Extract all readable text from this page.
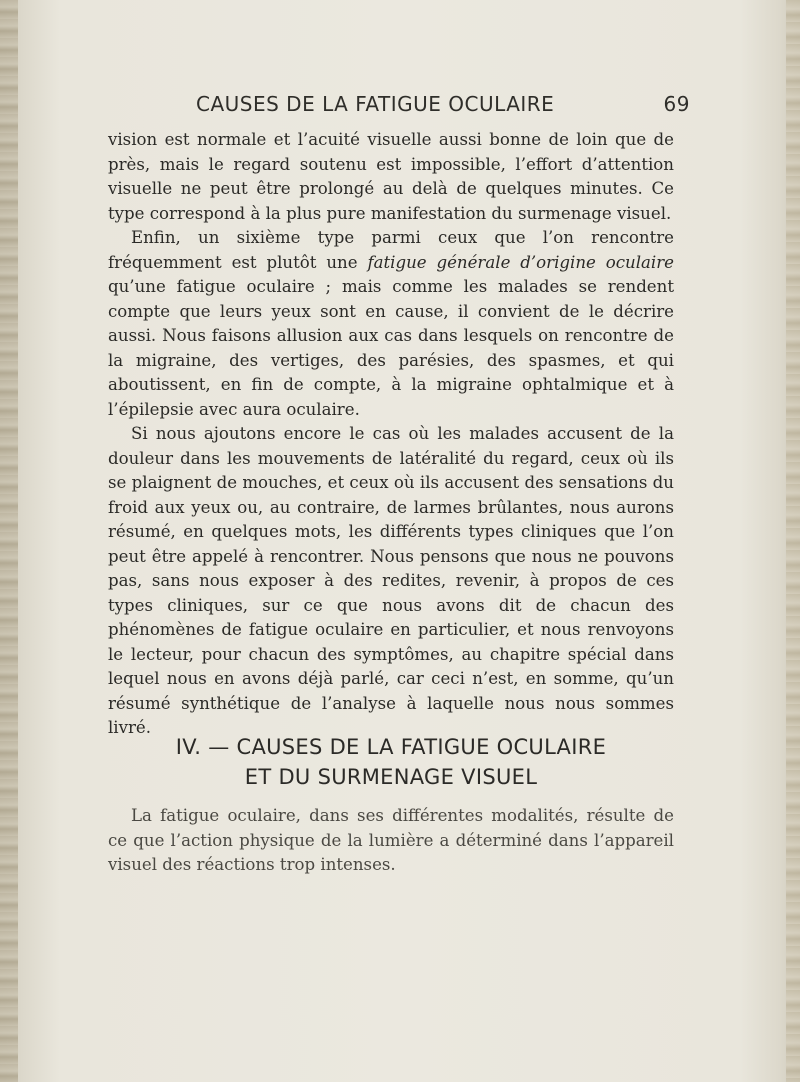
CAUSES DE LA FATIGUE OCULAIRE	69

vision est normale et l’acuité visuelle aussi bonne de loin que de près, mais le regard soutenu est impossible, l’effort d’attention visuelle ne peut être prolongé au delà de quelques minutes. Ce type correspond à la plus pure manifestation du surmenage visuel.

Enfin, un sixième type parmi ceux que l’on rencontre fréquemment est plutôt une fatigue générale d’origine oculaire qu’une fatigue oculaire ; mais comme les malades se rendent compte que leurs yeux sont en cause, il convient de le décrire aussi. Nous faisons allusion aux cas dans lesquels on rencontre de la migraine, des vertiges, des parésies, des spasmes, et qui aboutissent, en fin de compte, à la migraine ophtalmique et à l’épilepsie avec aura oculaire.

Si nous ajoutons encore le cas où les malades accusent de la douleur dans les mouvements de latéralité du regard, ceux où ils se plaignent de mouches, et ceux où ils accusent des sensations du froid aux yeux ou, au contraire, de larmes brûlantes, nous aurons résumé, en quelques mots, les différents types cliniques que l’on peut être appelé à rencontrer. Nous pensons que nous ne pouvons pas, sans nous exposer à des redites, revenir, à propos de ces types cliniques, sur ce que nous avons dit de chacun des phénomènes de fatigue oculaire en particulier, et nous renvoyons le lecteur, pour chacun des symptômes, au chapitre spécial dans lequel nous en avons déjà parlé, car ceci n’est, en somme, qu’un résumé synthétique de l’analyse à laquelle nous nous sommes livré.

IV. — CAUSES DE LA FATIGUE OCULAIRE
ET DU SURMENAGE VISUEL

La fatigue oculaire, dans ses différentes modalités, résulte de ce que l’action physique de la lumière a déterminé dans l’appareil visuel des réactions trop intenses.
